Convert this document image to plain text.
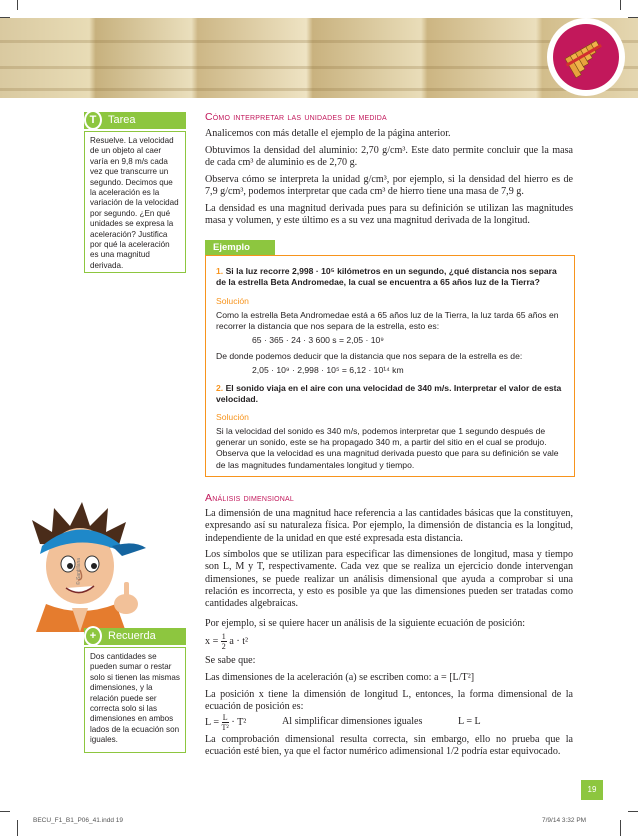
T	Tarea
Resuelve. La velocidad de un objeto al caer varía en 9,8 m/s cada vez que transcurre un segundo. Decimos que la aceleración es la variación de la velocidad por segundo. ¿En qué unidades se expresa la aceleración? Justifica por qué la aceleración es una magnitud derivada.
© Santillana
+	Recuerda
Dos cantidades se pueden sumar o restar solo si tienen las mismas dimensiones, y la relación puede ser correcta solo si las dimensiones en ambos lados de la ecuación son iguales.
Cómo interpretar las unidades de medida
Analicemos con más detalle el ejemplo de la página anterior.
Obtuvimos la densidad del aluminio: 2,70 g/cm³. Este dato permite concluir que la masa de cada cm³ de aluminio es de 2,70 g.
Observa cómo se interpreta la unidad g/cm³, por ejemplo, si la densidad del hierro es de 7,9 g/cm³, podemos interpretar que cada cm³ de hierro tiene una masa de 7,9 g.
La densidad es una magnitud derivada pues para su definición se utilizan las magnitudes masa y volumen, y este último es a su vez una magnitud derivada de la longitud.
Ejemplo
1. Si la luz recorre 2,998 · 10⁵ kilómetros en un segundo, ¿qué distancia nos separa de la estrella Beta Andromedae, la cual se encuentra a 65 años luz de la Tierra?
Solución
Como la estrella Beta Andromedae está a 65 años luz de la Tierra, la luz tarda 65 años en recorrer la distancia que nos separa de la estrella, esto es:
65 · 365 · 24 · 3 600 s = 2,05 · 10⁹
De donde podemos deducir que la distancia que nos separa de la estrella es de:
2,05 · 10⁹ · 2,998 · 10⁵ = 6,12 · 10¹⁴ km
2. El sonido viaja en el aire con una velocidad de 340 m/s. Interpretar el valor de esta velocidad.
Solución
Si la velocidad del sonido es 340 m/s, podemos interpretar que 1 segundo después de generar un sonido, este se ha propagado 340 m, a partir del sitio en el cual se produjo. Observa que la velocidad es una magnitud derivada puesto que para su definición se vale de las magnitudes fundamentales longitud y tiempo.
Análisis dimensional
La dimensión de una magnitud hace referencia a las cantidades básicas que la constituyen, expresando así su naturaleza física. Por ejemplo, la dimensión de distancia es la longitud, independiente de la unidad en que esté expresada esta distancia.
Los símbolos que se utilizan para especificar las dimensiones de longitud, masa y tiempo son L, M y T, respectivamente. Cada vez que se realiza un ejercicio donde intervengan dimensiones, se puede realizar un análisis dimensional que ayuda a comprobar si una relación es incorrecta, y esto es posible ya que las dimensiones pueden ser tratadas como cantidades algebraicas.
Por ejemplo, si se quiere hacer un análisis de la siguiente ecuación de posición:
$x = \frac{1}{2}$ a · t²
Se sabe que:
Las dimensiones de la aceleración (a) se escriben como: a = [L/T²]
La posición x tiene la dimensión de longitud L, entonces, la forma dimensional de la ecuación de posición es:
$L = \frac{L}{\text{T²}} \cdot T^2$	Al simplificar dimensiones iguales	L = L
La comprobación dimensional resulta correcta, sin embargo, ello no prueba que la ecuación esté bien, ya que el factor numérico adimensional 1/2 podría estar equivocado.
19
BECU_F1_B1_P06_41.indd 19	7/9/14 3:32 PM
